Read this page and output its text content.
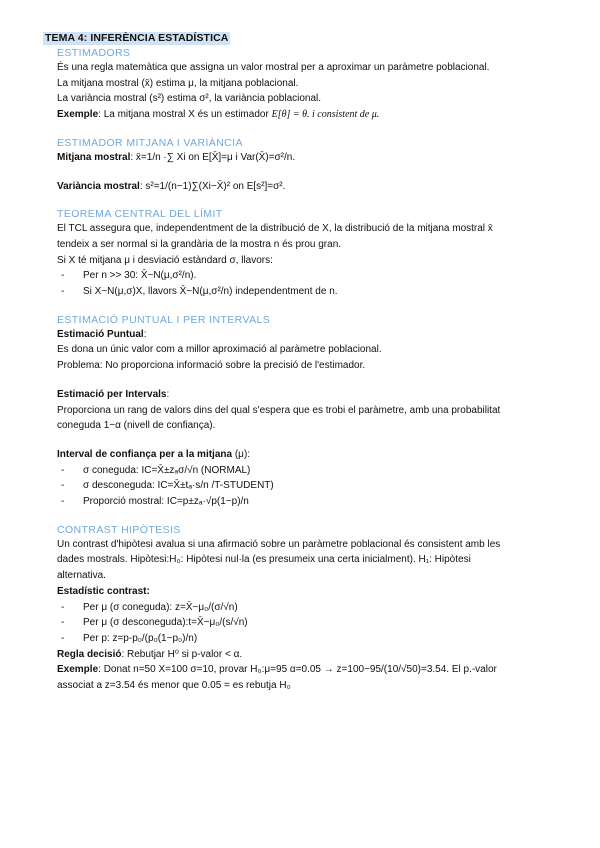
TEMA 4: INFERÈNCIA ESTADÍSTICA
ESTIMADORS

És una regla matemàtica que assigna un valor mostral per a aproximar un paràmetre poblacional.

La mitjana mostral (x̄) estima μ, la mitjana poblacional.

La variància mostral (s²) estima σ², la variància poblacional.

Exemple: La mitjana mostral X és un estimador E[θ] = θ. i consistent de μ.

ESTIMADOR MITJANA I VARIÀNCIA

Mitjana mostral: x̄=1/n ·∑ Xi on E[X̄]=μ i Var(X̄)=σ²/n.

Variància mostral: s²=1/(n−1)∑(Xi−X̄)² on E[s²]=σ².

TEOREMA CENTRAL DEL LÍMIT

El TCL assegura que, independentment de la distribució de X, la distribució de la mitjana mostral x̄

tendeix a ser normal si la grandària de la mostra n és prou gran.

Si X té mitjana μ i desviació estàndard σ, llavors:

- Per n >> 30: X̄~N(μ,σ²/n).
- Si X~N(μ,σ)X, llavors X̄~N(μ,σ²/n) independentment de n.
ESTIMACIÓ PUNTUAL I PER INTERVALS

Estimació Puntual:

Es dona un únic valor com a millor aproximació al paràmetre poblacional.

Problema: No proporciona informació sobre la precisió de l'estimador.

Estimació per Intervals:

Proporciona un rang de valors dins del qual s'espera que es trobi el paràmetre, amb una probabilitat

coneguda 1−α (nivell de confiança).

Interval de confiança per a la mitjana (μ):

- σ coneguda: IC=X̄±zₐσ/√n (NORMAL)
- σ desconeguda: IC=X̄±tₐ·s/n /T-STUDENT)
- Proporció mostral: IC=p±zₐ·√p(1−p)/n
CONTRAST HIPÒTESIS

Un contrast d'hipòtesi avalua si una afirmació sobre un paràmetre poblacional és consistent amb les

dades mostrals. Hipòtesi:H₀: Hipòtesi nul·la (es presumeix una certa inicialment). H₁: Hipòtesi

alternativa.

Estadístic contrast:

- Per μ (σ coneguda): z=X̄−μ₀/(σ/√n)
- Per μ (σ desconeguda):t=X̄−μ₀/(s/√n)
- Per p: z=p-p₀/(p₀(1−p₀)/n)

Regla decisió: Rebutjar H⁰ si p-valor < α.

Exemple: Donat n=50 X=100 σ=10, provar H₀:μ=95 α=0.05 → z=100−95/(10/√50)=3.54. El p.-valor

associat a z=3.54 és menor que 0.05 = es rebutja H₀
